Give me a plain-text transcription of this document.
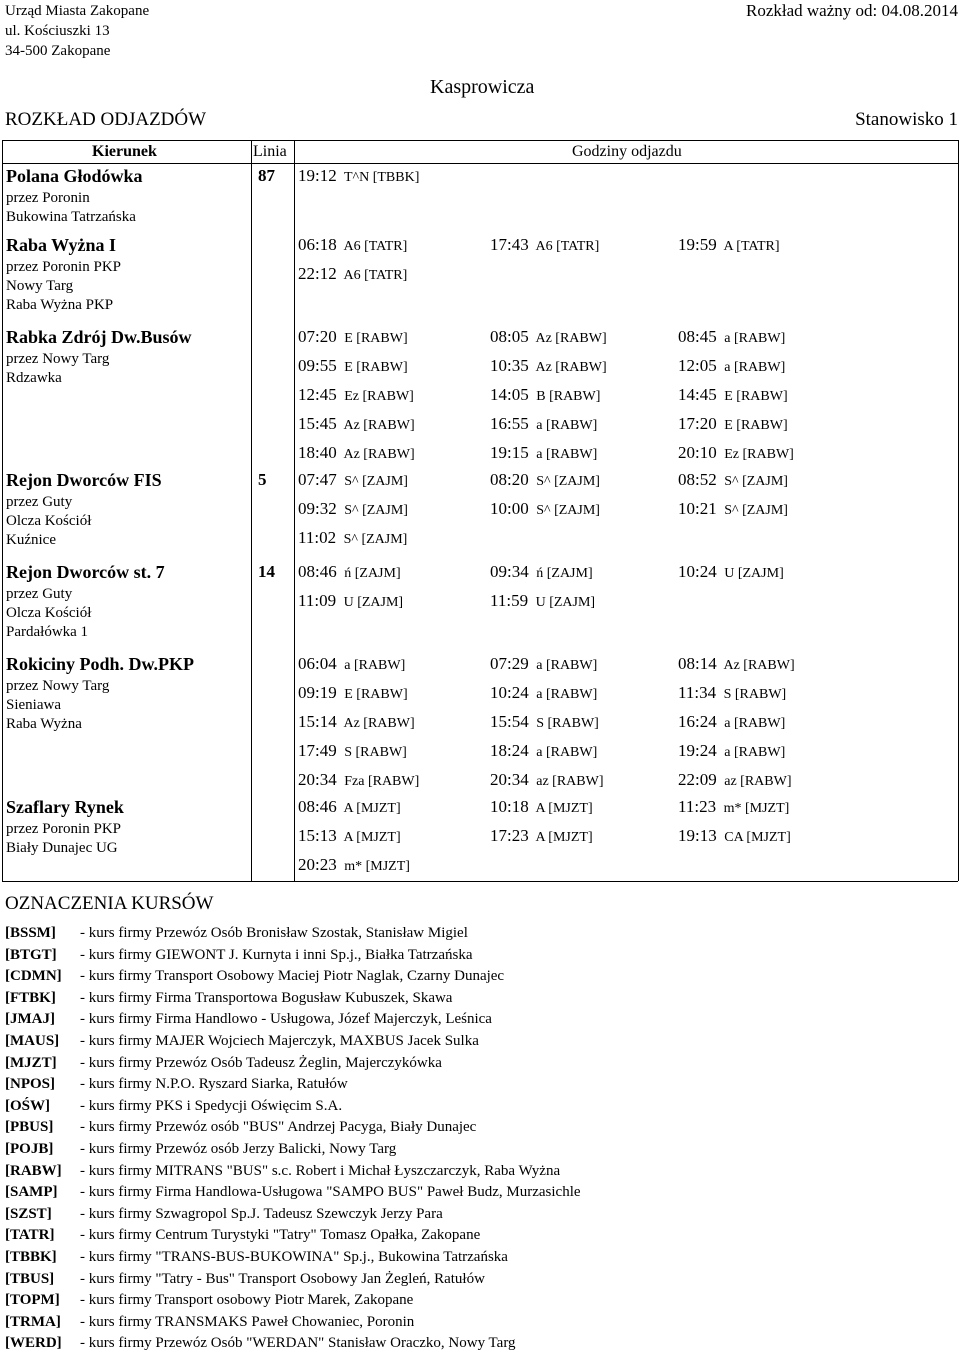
Urząd Miasta Zakopane
ul. Kościuszki 13
34-500 Zakopane
Rozkład ważny od: 04.08.2014
Kasprowicza
ROZKŁAD ODJAZDÓW	Stanowisko 1
Kierunek	Linia	Godziny odjazdu
Polana Głodówka
przez Poronin
Bukowina Tatrzańska
87 19:12 T^N [TBBK]
Raba Wyżna I
przez Poronin PKP
Nowy Targ
Raba Wyżna PKP
06:18 A6 [TATR]	17:43 A6 [TATR]	19:59 A [TATR]
22:12 A6 [TATR]
Rabka Zdrój Dw.Busów
przez Nowy Targ
Rdzawka
07:20 E [RABW]	08:05 Az [RABW]	08:45 a [RABW]
09:55 E [RABW]	10:35 Az [RABW]	12:05 a [RABW]
12:45 Ez [RABW]	14:05 B [RABW]	14:45 E [RABW]
15:45 Az [RABW]	16:55 a [RABW]	17:20 E [RABW]
18:40 Az [RABW]	19:15 a [RABW]	20:10 Ez [RABW]
Rejon Dworców FIS
przez Guty
Olcza Kościół
Kuźnice
5 07:47 S^ [ZAJM]	08:20 S^ [ZAJM]	08:52 S^ [ZAJM]
09:32 S^ [ZAJM]	10:00 S^ [ZAJM]	10:21 S^ [ZAJM]
11:02 S^ [ZAJM]
Rejon Dworców st. 7
przez Guty
Olcza Kościół
Pardałówka 1
14 08:46 ń [ZAJM]	09:34 ń [ZAJM]	10:24 U [ZAJM]
11:09 U [ZAJM]	11:59 U [ZAJM]
Rokiciny Podh. Dw.PKP
przez Nowy Targ
Sieniawa
Raba Wyżna
06:04 a [RABW]	07:29 a [RABW]	08:14 Az [RABW]
09:19 E [RABW]	10:24 a [RABW]	11:34 S [RABW]
15:14 Az [RABW]	15:54 S [RABW]	16:24 a [RABW]
17:49 S [RABW]	18:24 a [RABW]	19:24 a [RABW]
20:34 Fza [RABW]	20:34 az [RABW]	22:09 az [RABW]
Szaflary Rynek
przez Poronin PKP
Biały Dunajec UG
08:46 A [MJZT]	10:18 A [MJZT]	11:23 m* [MJZT]
15:13 A [MJZT]	17:23 A [MJZT]	19:13 CA [MJZT]
20:23 m* [MJZT]
OZNACZENIA KURSÓW
[BSSM] - kurs firmy Przewóz Osób Bronisław Szostak, Stanisław Migiel
[BTGT] - kurs firmy GIEWONT J. Kurnyta i inni Sp.j., Białka Tatrzańska
[CDMN] - kurs firmy Transport Osobowy Maciej Piotr Naglak, Czarny Dunajec
[FTBK] - kurs firmy Firma Transportowa Bogusław Kubuszek, Skawa
[JMAJ] - kurs firmy Firma Handlowo - Usługowa, Józef Majerczyk, Leśnica
[MAUS] - kurs firmy MAJER Wojciech Majerczyk, MAXBUS Jacek Sulka
[MJZT] - kurs firmy Przewóz Osób Tadeusz Żeglin, Majerczykówka
[NPOS] - kurs firmy N.P.O. Ryszard Siarka, Ratułów
[OŚW] - kurs firmy PKS i Spedycji Oświęcim S.A.
[PBUS] - kurs firmy Przewóz osób "BUS" Andrzej Pacyga, Biały Dunajec
[POJB] - kurs firmy Przewóz osób Jerzy Balicki, Nowy Targ
[RABW] - kurs firmy MITRANS "BUS" s.c. Robert i Michał Łyszczarczyk, Raba Wyżna
[SAMP] - kurs firmy Firma Handlowa-Usługowa "SAMPO BUS" Paweł Budz, Murzasichle
[SZST] - kurs firmy Szwagropol Sp.J. Tadeusz Szewczyk Jerzy Para
[TATR] - kurs firmy Centrum Turystyki "Tatry" Tomasz Opałka, Zakopane
[TBBK] - kurs firmy "TRANS-BUS-BUKOWINA" Sp.j., Bukowina Tatrzańska
[TBUS] - kurs firmy "Tatry - Bus" Transport Osobowy Jan Żegleń, Ratułów
[TOPM] - kurs firmy Transport osobowy Piotr Marek, Zakopane
[TRMA] - kurs firmy TRANSMAKS Paweł Chowaniec, Poronin
[WERD] - kurs firmy Przewóz Osób "WERDAN" Stanisław Oraczko, Nowy Targ
